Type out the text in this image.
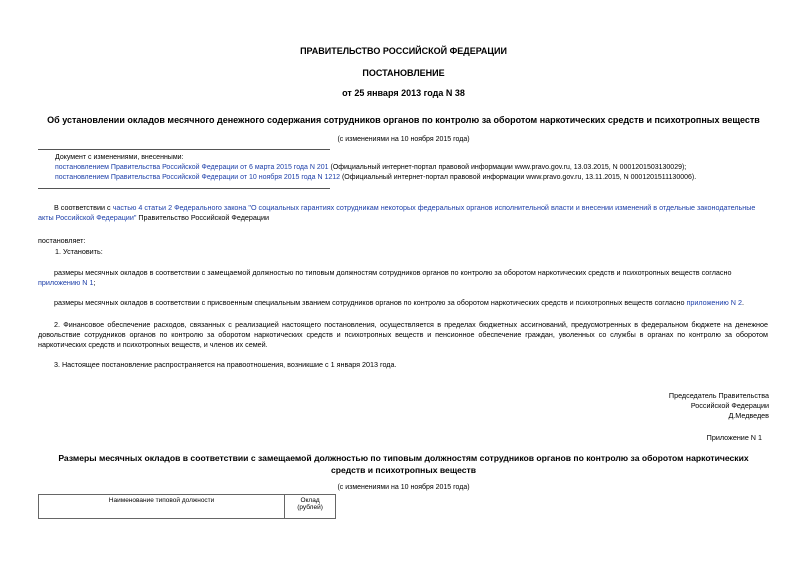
ПРАВИТЕЛЬСТВО РОССИЙСКОЙ ФЕДЕРАЦИИ
ПОСТАНОВЛЕНИЕ
от 25 января 2013 года N 38
Об установлении окладов месячного денежного содержания сотрудников органов по контролю за оборотом наркотических средств и психотропных веществ
(с изменениями на 10 ноября 2015 года)
Документ с изменениями, внесенными:
постановлением Правительства Российской Федерации от 6 марта 2015 года N 201 (Официальный интернет-портал правовой информации www.pravo.gov.ru, 13.03.2015, N 0001201503130029);
постановлением Правительства Российской Федерации от 10 ноября 2015 года N 1212 (Официальный интернет-портал правовой информации www.pravo.gov.ru, 13.11.2015, N 0001201511130006).
В соответствии с частью 4 статьи 2 Федерального закона "О социальных гарантиях сотрудникам некоторых федеральных органов исполнительной власти и внесении изменений в отдельные законодательные акты Российской Федерации" Правительство Российской Федерации
постановляет:
1. Установить:
размеры месячных окладов в соответствии с замещаемой должностью по типовым должностям сотрудников органов по контролю за оборотом наркотических средств и психотропных веществ согласно приложению N 1;
размеры месячных окладов в соответствии с присвоенным специальным званием сотрудников органов по контролю за оборотом наркотических средств и психотропных веществ согласно приложению N 2.
2. Финансовое обеспечение расходов, связанных с реализацией настоящего постановления, осуществляется в пределах бюджетных ассигнований, предусмотренных в федеральном бюджете на денежное довольствие сотрудников органов по контролю за оборотом наркотических средств и психотропных веществ и пенсионное обеспечение граждан, уволенных со службы в органах по контролю за оборотом наркотических средств и психотропных веществ, и членов их семей.
3. Настоящее постановление распространяется на правоотношения, возникшие с 1 января 2013 года.
Председатель Правительства
Российской Федерации
Д.Медведев
Приложение N 1
Размеры месячных окладов в соответствии с замещаемой должностью по типовым должностям сотрудников органов по контролю за оборотом наркотических средств и психотропных веществ
(с изменениями на 10 ноября 2015 года)
Наименование типовой должности	Оклад (рублей)
